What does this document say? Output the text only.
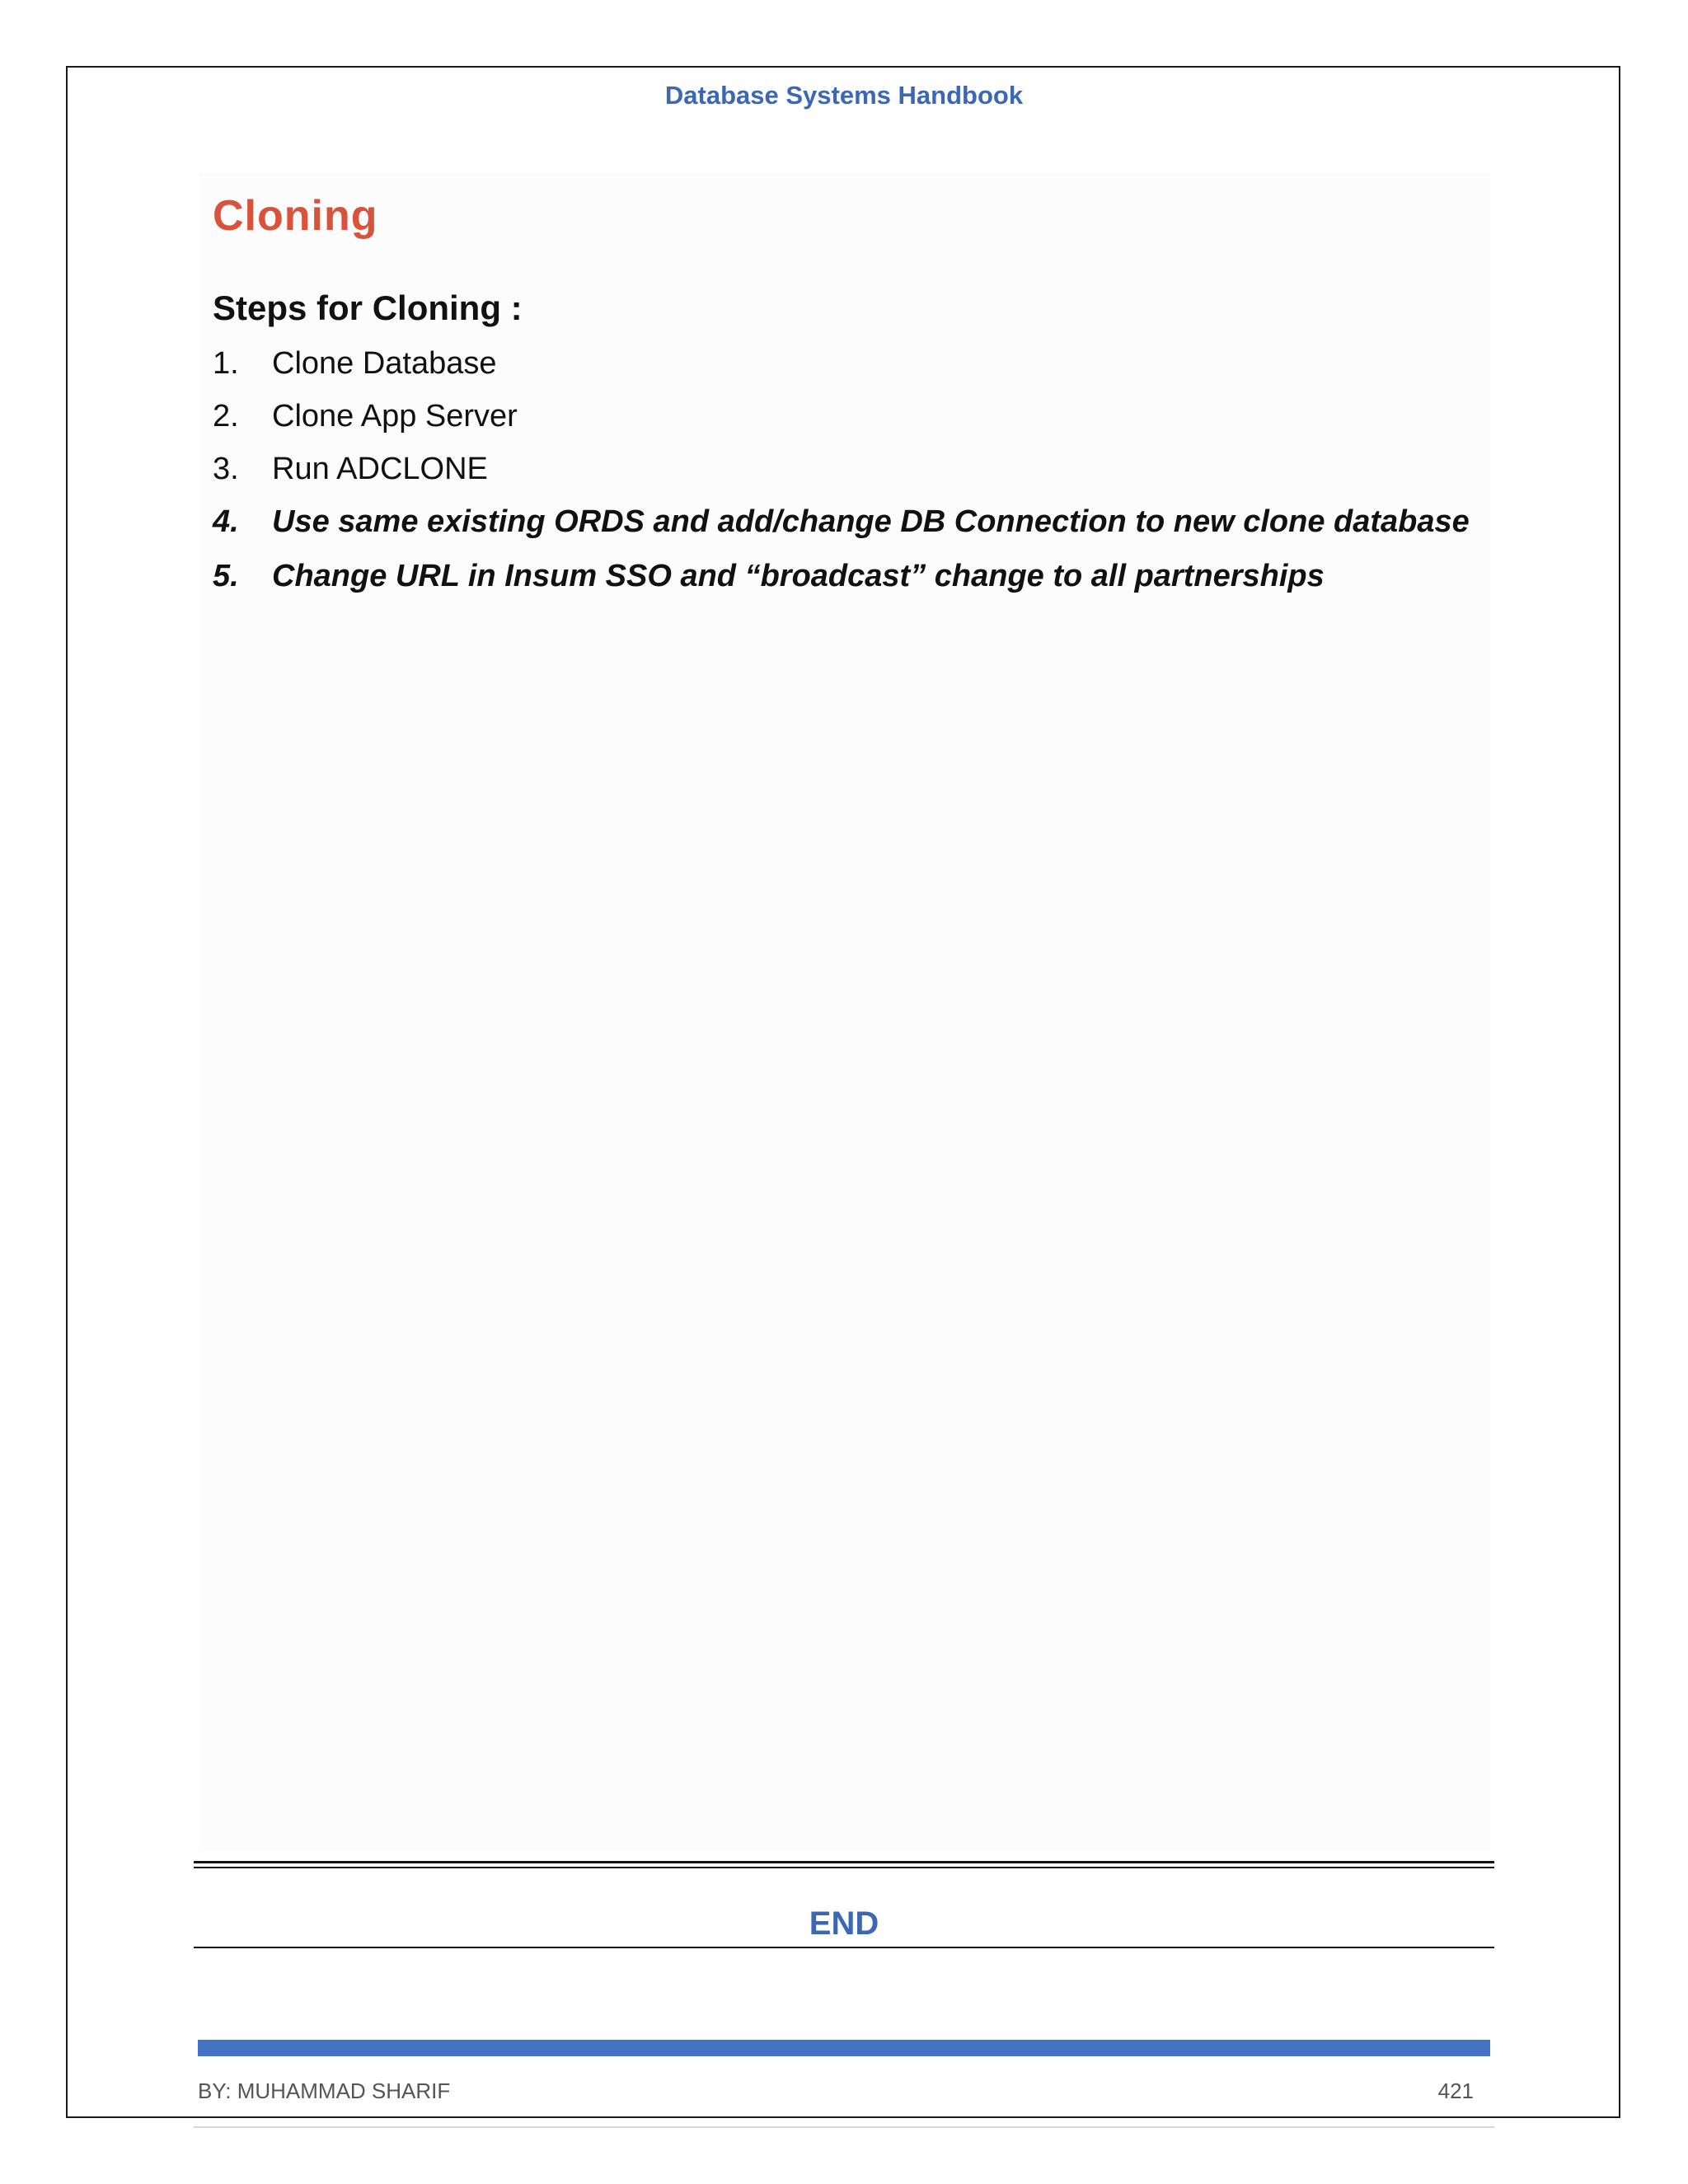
Database Systems Handbook
Cloning
Steps for Cloning :
1.	Clone Database
2.	Clone App Server
3.	Run ADCLONE
4.	Use same existing ORDS and add/change DB Connection to new clone database
5.	Change URL in Insum SSO and “broadcast” change to all partnerships
END
BY: MUHAMMAD SHARIF	421
